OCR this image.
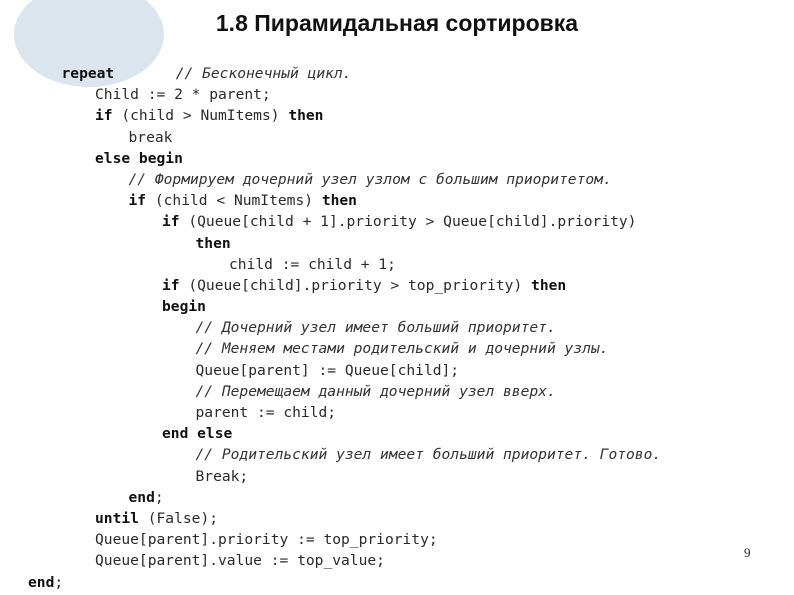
1.8 Пирамидальная сортировка
repeat	// Бесконечный цикл.
Child := 2 * parent;
if (child > NumItems) then
break
else begin
// Формируем дочерний узел узлом с большим приоритетом.
if (child < NumItems) then
if (Queue[child + 1].priority > Queue[child].priority)
then
child := child + 1;
if (Queue[child].priority > top_priority) then
begin
// Дочерний узел имеет больший приоритет.
// Меняем местами родительский и дочерний узлы.
Queue[parent] := Queue[child];
// Перемещаем данный дочерний узел вверх.
parent := child;
end else
// Родительский узел имеет больший приоритет. Готово.
Break;
end;
until (False);
Queue[parent].priority := top_priority;
Queue[parent].value := top_value;
end;
9
